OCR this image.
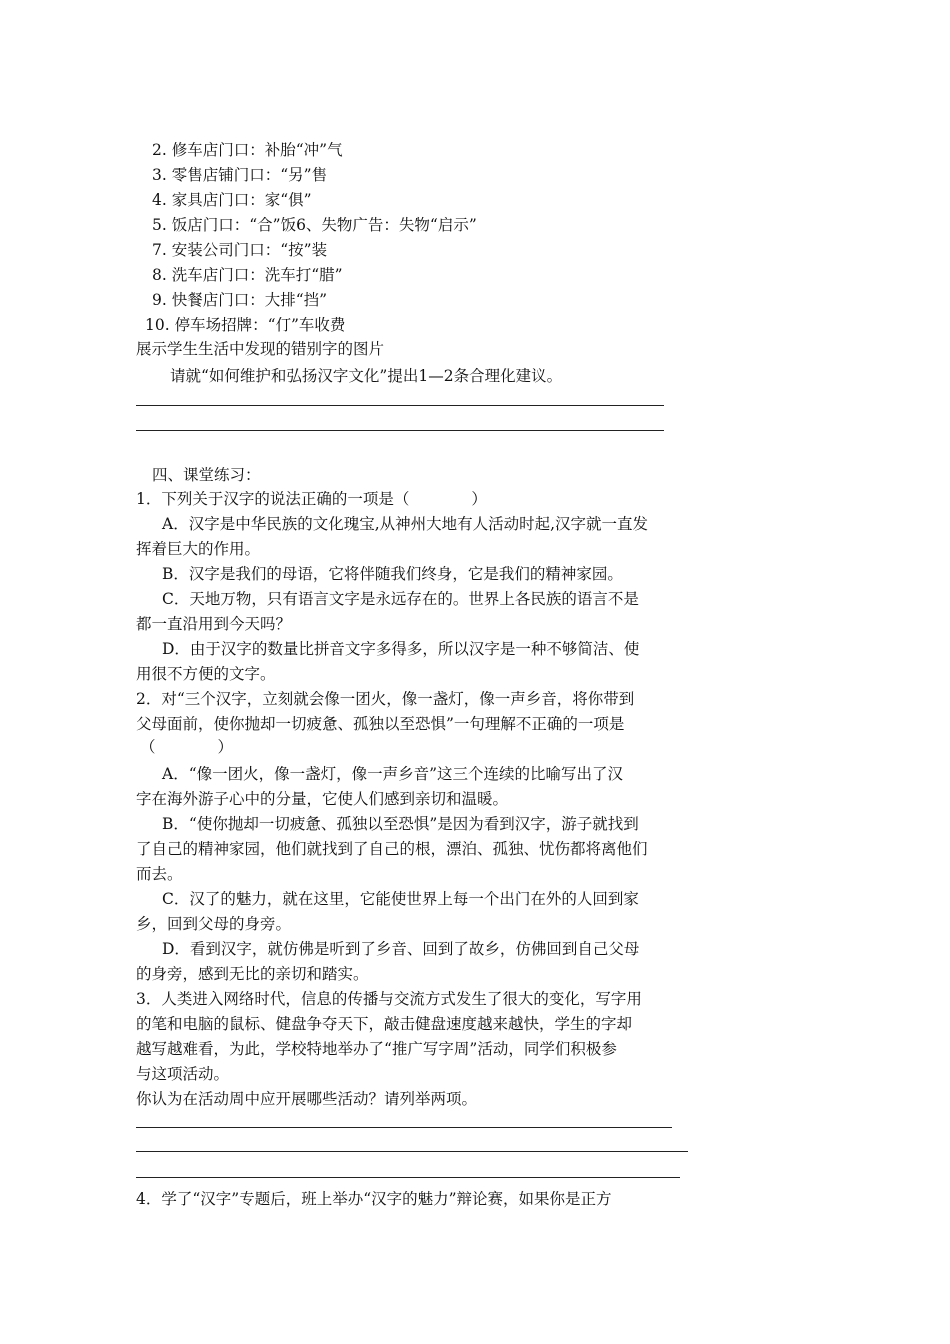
2. 修车店门口：补胎“冲”气
3. 零售店铺门口：“另”售
4. 家具店门口：家“俱”
5. 饭店门口：“合”饭6、失物广告：失物“启示”
7. 安装公司门口：“按”装
8. 洗车店门口：洗车打“腊”
9. 快餐店门口：大排“挡”
10. 停车场招牌：“仃”车收费
展示学生生活中发现的错别字的图片
请就“如何维护和弘扬汉字文化”提出1—2条合理化建议。
四、课堂练习：
1．下列关于汉字的说法正确的一项是（　　　　）
A．汉字是中华民族的文化瑰宝,从神州大地有人活动时起,汉字就一直发
挥着巨大的作用。
B．汉字是我们的母语，它将伴随我们终身，它是我们的精神家园。
C．天地万物，只有语言文字是永远存在的。世界上各民族的语言不是
都一直沿用到今天吗？
D．由于汉字的数量比拼音文字多得多，所以汉字是一种不够简洁、使
用很不方便的文字。
2．对“三个汉字，立刻就会像一团火，像一盏灯，像一声乡音，将你带到
父母面前，使你抛却一切疲惫、孤独以至恐惧”一句理解不正确的一项是
（　　　　）
A．“像一团火，像一盏灯，像一声乡音”这三个连续的比喻写出了汉
字在海外游子心中的分量，它使人们感到亲切和温暖。
B．“使你抛却一切疲惫、孤独以至恐惧”是因为看到汉字，游子就找到
了自己的精神家园，他们就找到了自己的根，漂泊、孤独、忧伤都将离他们
而去。
C．汉了的魅力，就在这里，它能使世界上每一个出门在外的人回到家
乡，回到父母的身旁。
D．看到汉字，就仿佛是听到了乡音、回到了故乡，仿佛回到自己父母
的身旁，感到无比的亲切和踏实。
3．人类进入网络时代，信息的传播与交流方式发生了很大的变化，写字用
的笔和电脑的鼠标、健盘争夺天下，敲击健盘速度越来越快，学生的字却
越写越难看，为此，学校特地举办了“推广写字周”活动，同学们积极参
与这项活动。
你认为在活动周中应开展哪些活动？请列举两项。
4．学了“汉字”专题后，班上举办“汉字的魅力”辩论赛，如果你是正方
